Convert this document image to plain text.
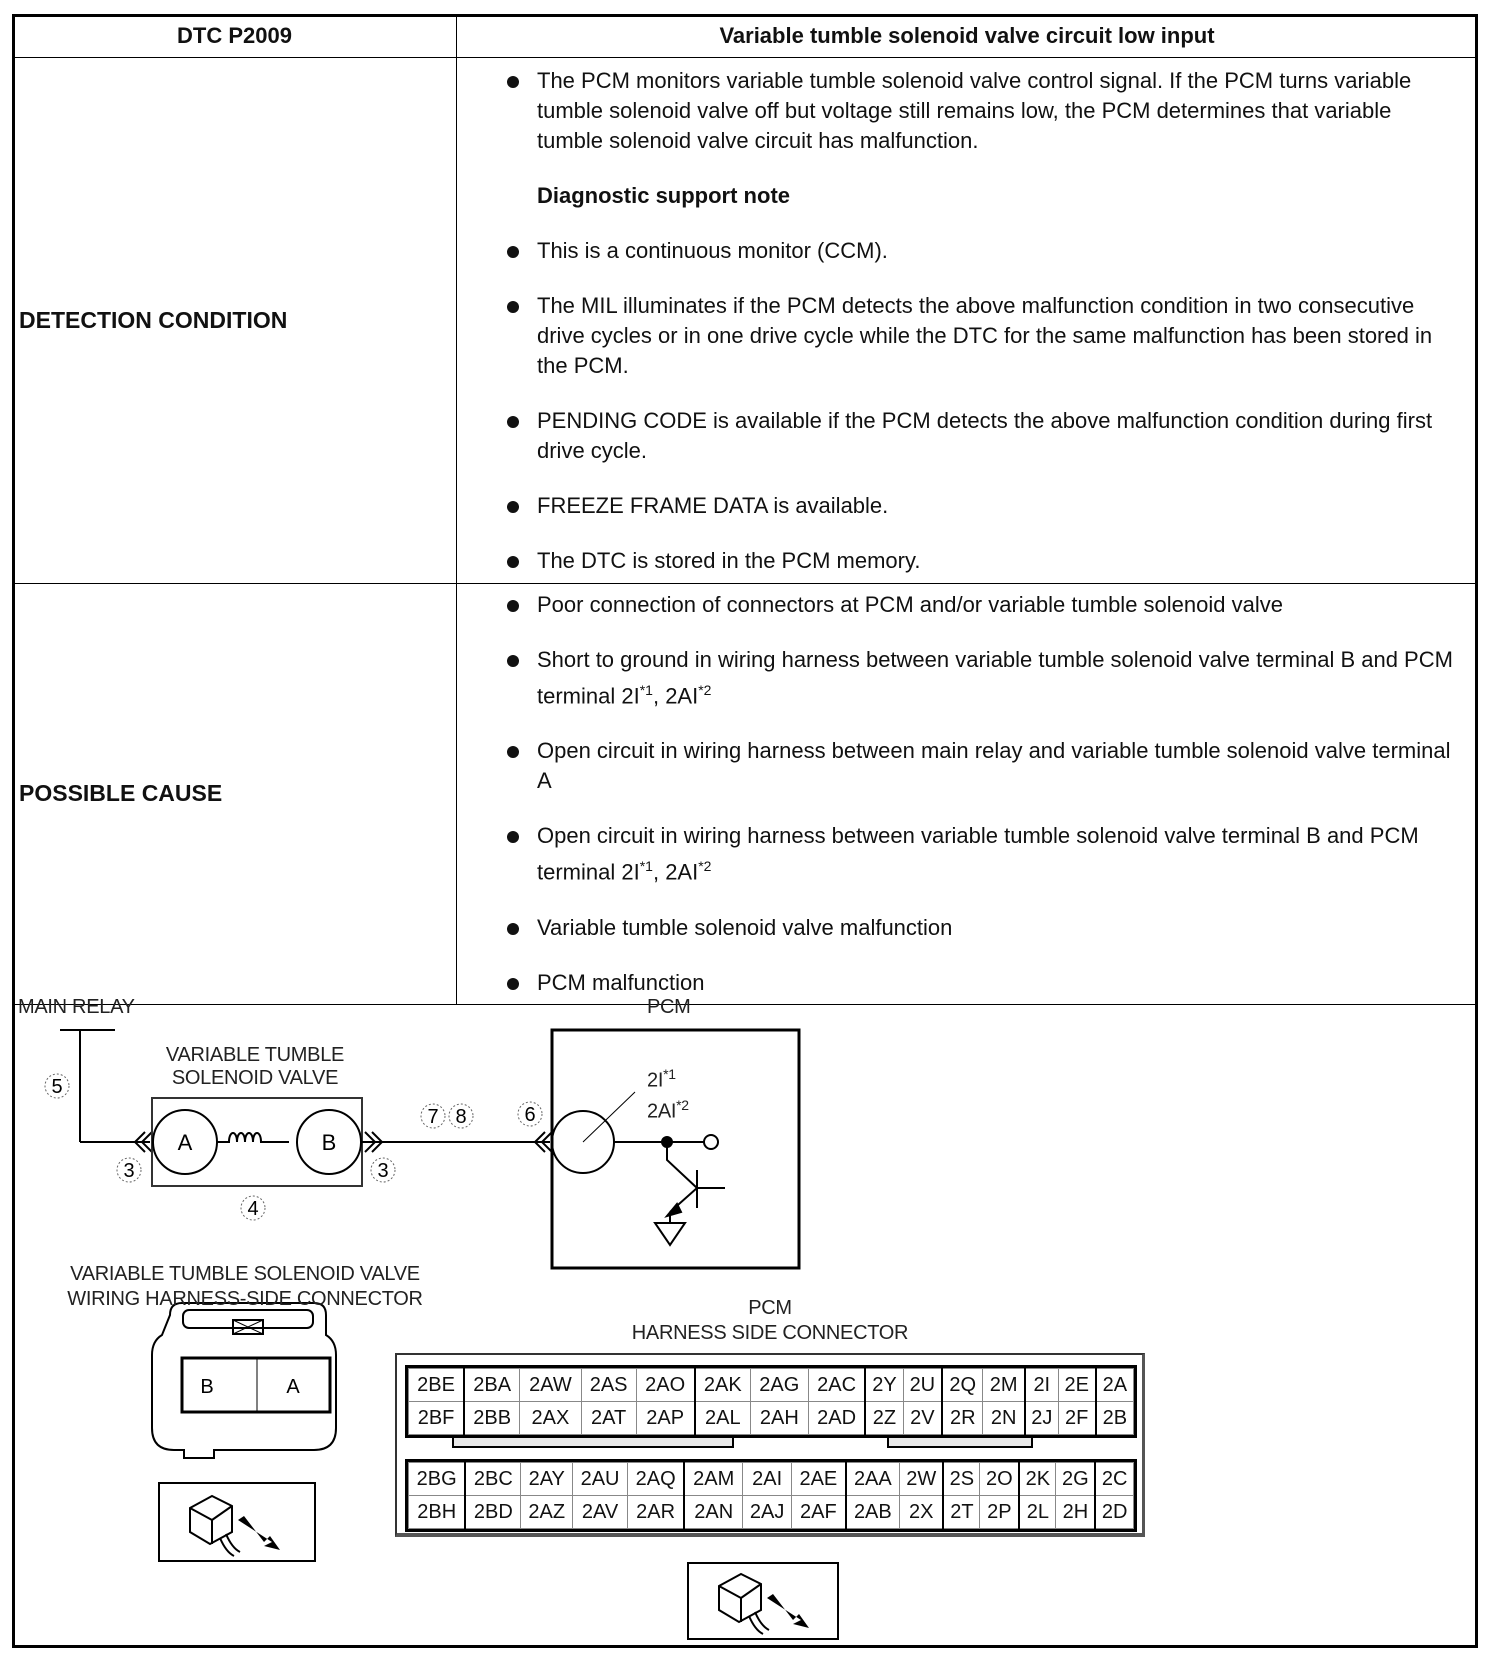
DTC P2009	Variable tumble solenoid valve circuit low input
DETECTION CONDITION	
The PCM monitors variable tumble solenoid valve control signal. If the PCM turns variable tumble solenoid valve off but voltage still remains low, the PCM determines that variable tumble solenoid valve circuit has malfunction.
Diagnostic support note
This is a continuous monitor (CCM).
The MIL illuminates if the PCM detects the above malfunction condition in two consecutive drive cycles or in one drive cycle while the DTC for the same malfunction has been stored in the PCM.
PENDING CODE is available if the PCM detects the above malfunction condition during first drive cycle.
FREEZE FRAME DATA is available.
The DTC is stored in the PCM memory.

POSSIBLE CAUSE	
Poor connection of connectors at PCM and/or variable tumble solenoid valve
Short to ground in wiring harness between variable tumble solenoid valve terminal B and PCM terminal $2I^{*1}$, 2AI$^{*2}$
Open circuit in wiring harness between main relay and variable tumble solenoid valve terminal A
Open circuit in wiring harness between variable tumble solenoid valve terminal B and PCM terminal $2I^{*1}$, 2AI$^{*2}$
Variable tumble solenoid valve malfunction
PCM malfunction
5
3	3
4
7 8	6
A	B
B	A
MAIN RELAY
VARIABLE TUMBLE
SOLENOID VALVE
PCM
$2I^{*1}$
2AI$^{*2}$
VARIABLE TUMBLE SOLENOID VALVE
WIRING HARNESS-SIDE CONNECTOR	PCM
HARNESS SIDE CONNECTOR
2BE	2BA	2AW	2AS	2AO	2AK	2AG	2AC	2Y	2U	2Q	2M	2I	2E	2A
2BF	2BB	2AX	2AT	2AP	2AL	2AH	2AD	2Z	2V	2R	2N	2J	2F	2B
2BG	2BC	2AY	2AU	2AQ	2AM	2AI	2AE	2AA	2W	2S	2O	2K	2G	2C
2BH	2BD	2AZ	2AV	2AR	2AN	2AJ	2AF	2AB	2X	2T	2P	2L	2H	2D
